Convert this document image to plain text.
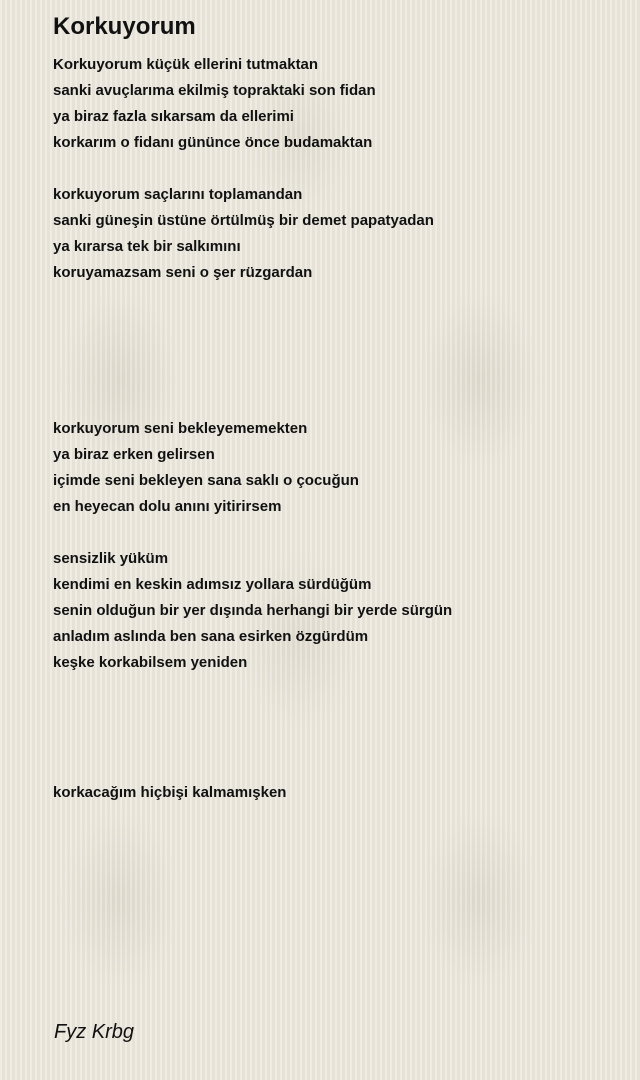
Korkuyorum
Korkuyorum küçük ellerini tutmaktan
sanki avuçlarıma ekilmiş topraktaki son fidan
ya biraz fazla sıkarsam da ellerimi
korkarım o fidanı gününce önce budamaktan
korkuyorum saçlarını toplamandan
sanki güneşin üstüne örtülmüş bir demet papatyadan
ya kırarsa tek bir salkımını
koruyamazsam seni o şer rüzgardan
korkuyorum seni bekleyememekten
ya biraz erken gelirsen
içimde seni bekleyen sana saklı o çocuğun
en heyecan dolu anını yitirirsem
sensizlik yüküm
kendimi en keskin adımsız yollara sürdüğüm
senin olduğun bir yer dışında herhangi bir yerde sürgün
anladım aslında ben sana esirken özgürdüm
keşke korkabilsem yeniden
korkacağım hiçbişi kalmamışken
Fyz Krbg
